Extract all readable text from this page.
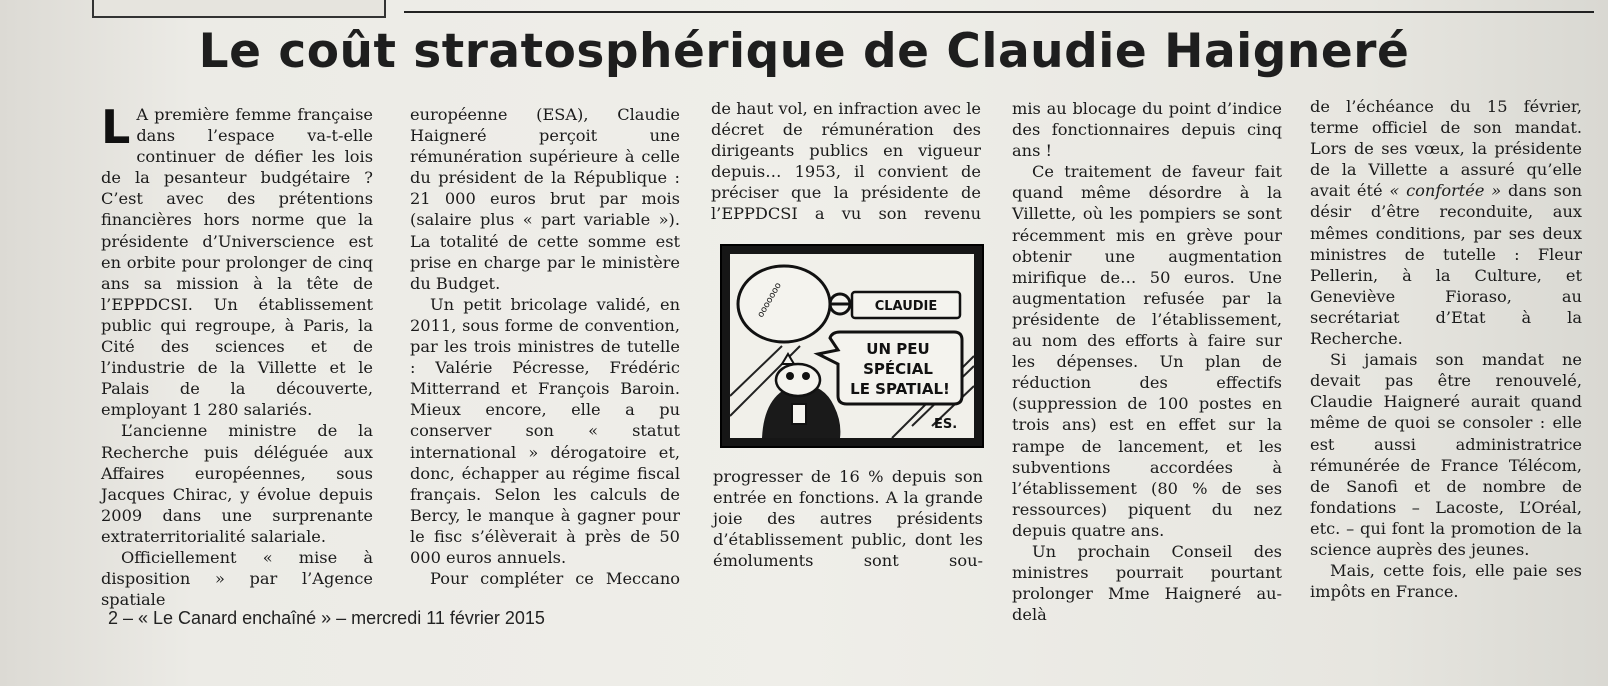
Le coût stratosphérique de Claudie Haigneré

L A première femme française dans l’espace va-t-elle continuer de défier les lois de la pesanteur budgétaire ? C’est avec des prétentions financières hors norme que la présidente d’Universcience est en orbite pour prolonger de cinq ans sa mission à la tête de l’EPPDCSI. Un établissement public qui regroupe, à Paris, la Cité des sciences et de l’industrie de la Villette et le Palais de la découverte, employant 1 280 salariés.

L’ancienne ministre de la Recherche puis déléguée aux Affaires européennes, sous Jacques Chirac, y évolue depuis 2009 dans une surprenante extraterritorialité salariale.

Officiellement « mise à disposition » par l’Agence spatiale

européenne (ESA), Claudie Haigneré perçoit une rémunération supérieure à celle du président de la République : 21 000 euros brut par mois (salaire plus « part variable »). La totalité de cette somme est prise en charge par le ministère du Budget.

Un petit bricolage validé, en 2011, sous forme de convention, par les trois ministres de tutelle : Valérie Pécresse, Frédéric Mitterrand et François Baroin. Mieux encore, elle a pu conserver son « statut international » dérogatoire et, donc, échapper au régime fiscal français. Selon les calculs de Bercy, le manque à gagner pour le fisc s’élèverait à près de 50 000 euros annuels.

Pour compléter ce Meccano

de haut vol, en infraction avec le décret de rémunération des dirigeants publics en vigueur depuis… 1953, il convient de préciser que la présidente de l’EPPDCSI a vu son revenu

ooooooo	CLAUDIE
UN PEU
SPÉCIAL
LE SPATIAL!
ES.

progresser de 16 % depuis son entrée en fonctions. A la grande joie des autres présidents d’établissement public, dont les émoluments sont sou-

mis au blocage du point d’indice des fonctionnaires depuis cinq ans !

Ce traitement de faveur fait quand même désordre à la Villette, où les pompiers se sont récemment mis en grève pour obtenir une augmentation mirifique de… 50 euros. Une augmentation refusée par la présidente de l’établissement, au nom des efforts à faire sur les dépenses. Un plan de réduction des effectifs (suppression de 100 postes en trois ans) est en effet sur la rampe de lancement, et les subventions accordées à l’établissement (80 % de ses ressources) piquent du nez depuis quatre ans.

Un prochain Conseil des ministres pourrait pourtant prolonger Mme Haigneré au-delà

de l’échéance du 15 février, terme officiel de son mandat. Lors de ses vœux, la présidente de la Villette a assuré qu’elle avait été « confortée » dans son désir d’être reconduite, aux mêmes conditions, par ses deux ministres de tutelle : Fleur Pellerin, à la Culture, et Geneviève Fioraso, au secrétariat d’Etat à la Recherche.

Si jamais son mandat ne devait pas être renouvelé, Claudie Haigneré aurait quand même de quoi se consoler : elle est aussi administratrice rémunérée de France Télécom, de Sanofi et de nombre de fondations – Lacoste, L’Oréal, etc. – qui font la promotion de la science auprès des jeunes.

Mais, cette fois, elle paie ses impôts en France.

2 – « Le Canard enchaîné » – mercredi 11 février 2015
